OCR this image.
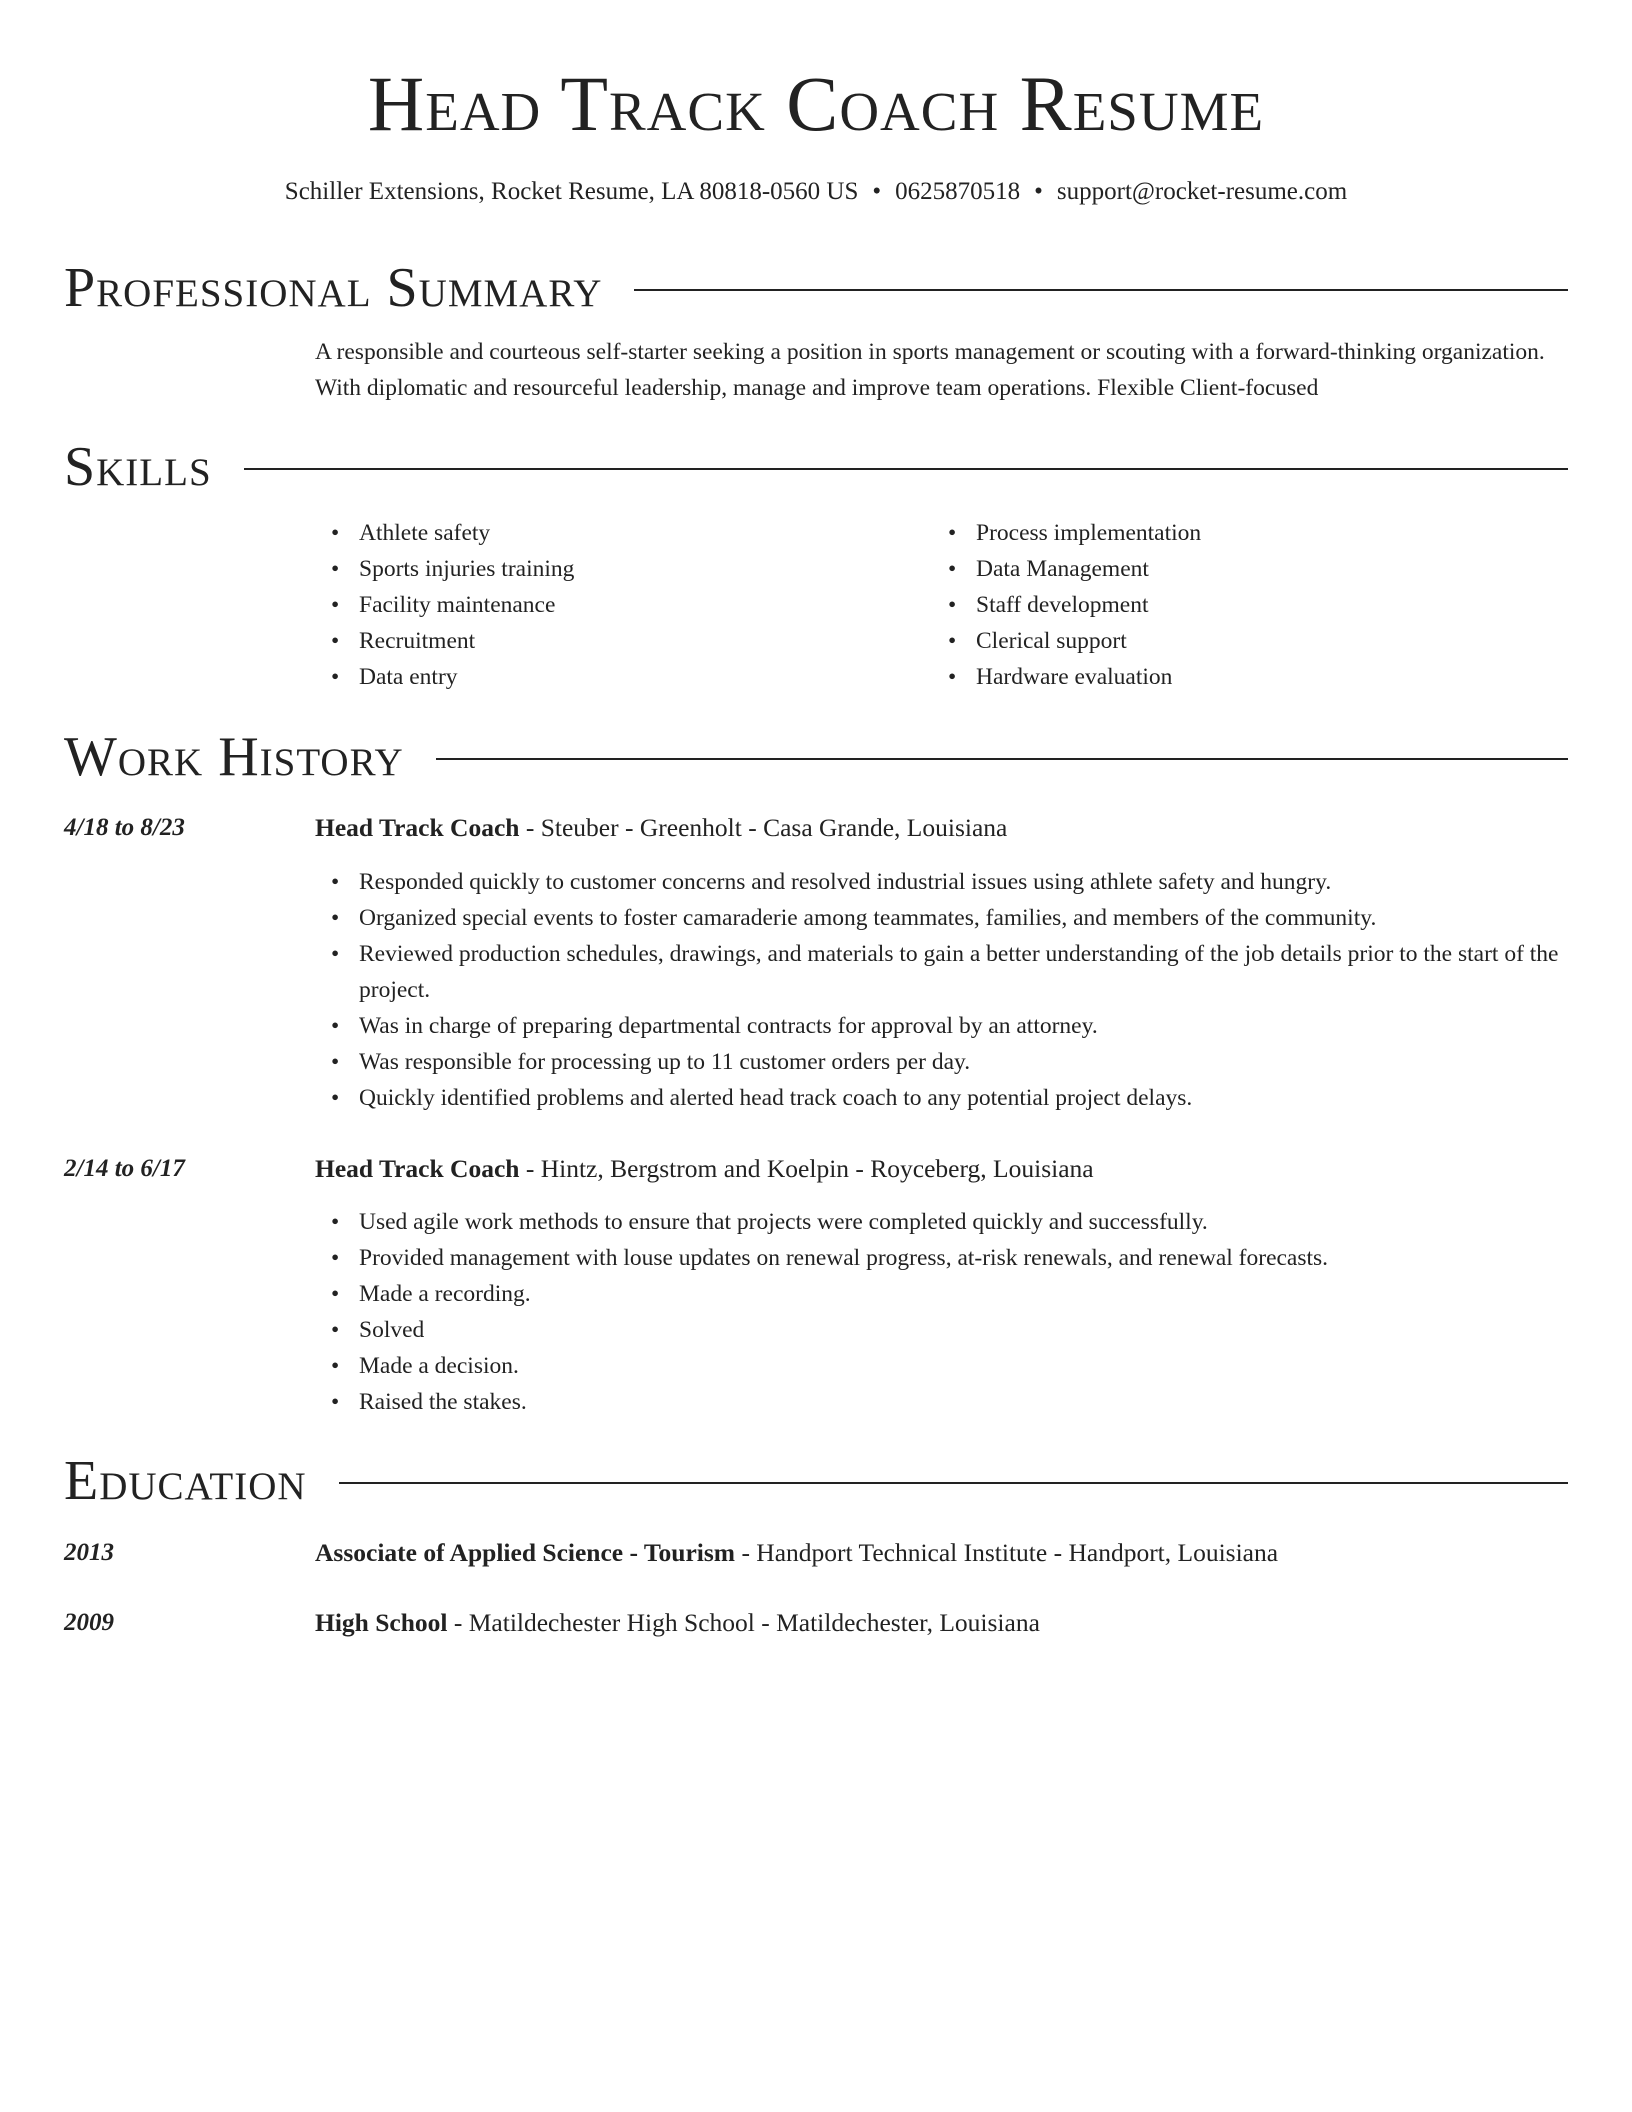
Head Track Coach Resume
Schiller Extensions, Rocket Resume, LA 80818-0560 US • 0625870518 • support@rocket-resume.com
Professional Summary
A responsible and courteous self-starter seeking a position in sports management or scouting with a forward-thinking organization. With diplomatic and resourceful leadership, manage and improve team operations. Flexible Client-focused
Skills
• Athlete safety
• Sports injuries training
• Facility maintenance
• Recruitment
• Data entry
• Process implementation
• Data Management
• Staff development
• Clerical support
• Hardware evaluation
Work History
4/18 to 8/23	Head Track Coach - Steuber - Greenholt - Casa Grande, Louisiana
• Responded quickly to customer concerns and resolved industrial issues using athlete safety and hungry.
• Organized special events to foster camaraderie among teammates, families, and members of the community.
• Reviewed production schedules, drawings, and materials to gain a better understanding of the job details prior to the start of the project.
• Was in charge of preparing departmental contracts for approval by an attorney.
• Was responsible for processing up to 11 customer orders per day.
• Quickly identified problems and alerted head track coach to any potential project delays.
2/14 to 6/17	Head Track Coach - Hintz, Bergstrom and Koelpin - Royceberg, Louisiana
• Used agile work methods to ensure that projects were completed quickly and successfully.
• Provided management with louse updates on renewal progress, at-risk renewals, and renewal forecasts.
• Made a recording.
• Solved
• Made a decision.
• Raised the stakes.
Education
2013	Associate of Applied Science - Tourism - Handport Technical Institute - Handport, Louisiana
2009	High School - Matildechester High School - Matildechester, Louisiana
